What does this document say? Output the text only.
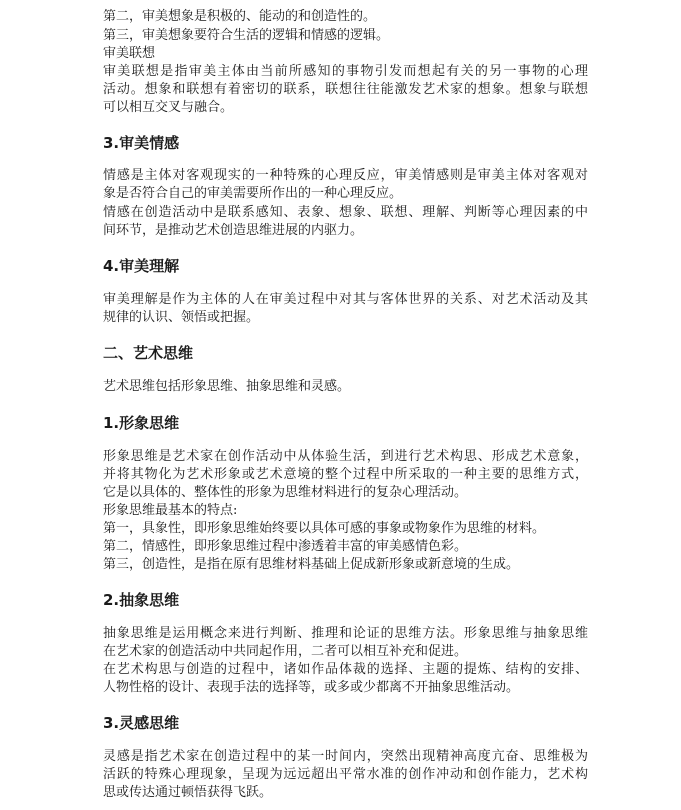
第二，审美想象是积极的、能动的和创造性的。
第三，审美想象要符合生活的逻辑和情感的逻辑。
审美联想
审美联想是指审美主体由当前所感知的事物引发而想起有关的另一事物的心理
活动。想象和联想有着密切的联系，联想往往能激发艺术家的想象。想象与联想
可以相互交叉与融合。
3.审美情感
情感是主体对客观现实的一种特殊的心理反应，审美情感则是审美主体对客观对
象是否符合自己的审美需要所作出的一种心理反应。
情感在创造活动中是联系感知、表象、想象、联想、理解、判断等心理因素的中
间环节，是推动艺术创造思维进展的内驱力。
4.审美理解
审美理解是作为主体的人在审美过程中对其与客体世界的关系、对艺术活动及其
规律的认识、领悟或把握。
二、艺术思维
艺术思维包括形象思维、抽象思维和灵感。
1.形象思维
形象思维是艺术家在创作活动中从体验生活，到进行艺术构思、形成艺术意象，
并将其物化为艺术形象或艺术意境的整个过程中所采取的一种主要的思维方式，
它是以具体的、整体性的形象为思维材料进行的复杂心理活动。
形象思维最基本的特点:
第一，具象性，即形象思维始终要以具体可感的事象或物象作为思维的材料。
第二，情感性，即形象思维过程中渗透着丰富的审美感情色彩。
第三，创造性，是指在原有思维材料基础上促成新形象或新意境的生成。
2.抽象思维
抽象思维是运用概念来进行判断、推理和论证的思维方法。形象思维与抽象思维
在艺术家的创造活动中共同起作用，二者可以相互补充和促进。
在艺术构思与创造的过程中，诸如作品体裁的选择、主题的提炼、结构的安排、
人物性格的设计、表现手法的选择等，或多或少都离不开抽象思维活动。
3.灵感思维
灵感是指艺术家在创造过程中的某一时间内，突然出现精神高度亢奋、思维极为
活跃的特殊心理现象，呈现为远远超出平常水准的创作冲动和创作能力，艺术构
思或传达通过顿悟获得飞跃。
